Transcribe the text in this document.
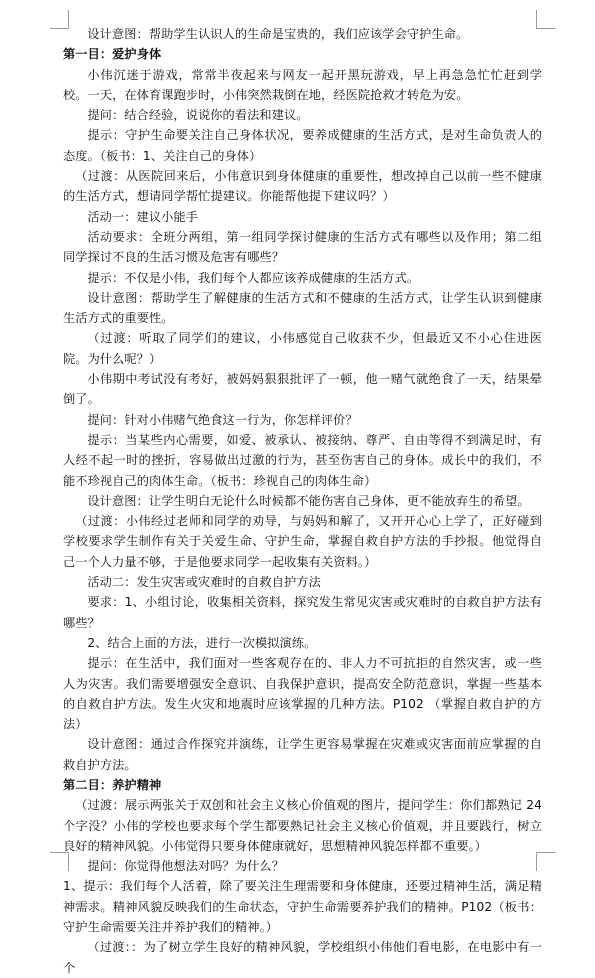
设计意图：帮助学生认识人的生命是宝贵的，我们应该学会守护生命。

第一目：爱护身体

小伟沉迷于游戏，常常半夜起来与网友一起开黑玩游戏，早上再急急忙忙赶到学校。一天，在体育课跑步时，小伟突然栽倒在地，经医院抢救才转危为安。

提问：结合经验，说说你的看法和建议。

提示：守护生命要关注自己身体状况，要养成健康的生活方式，是对生命负责人的态度。（板书：1、关注自己的身体）

（过渡：从医院回来后，小伟意识到身体健康的重要性，想改掉自己以前一些不健康的生活方式，想请同学帮忙提建议。你能帮他提下建议吗？）

活动一：建议小能手

活动要求：全班分两组，第一组同学探讨健康的生活方式有哪些以及作用；第二组同学探讨不良的生活习惯及危害有哪些？

提示：不仅是小伟，我们每个人都应该养成健康的生活方式。

设计意图：帮助学生了解健康的生活方式和不健康的生活方式，让学生认识到健康生活方式的重要性。

（过渡：听取了同学们的建议，小伟感觉自己收获不少，但最近又不小心住进医院。为什么呢？）

小伟期中考试没有考好，被妈妈狠狠批评了一顿，他一赌气就绝食了一天，结果晕倒了。

提问：针对小伟赌气绝食这一行为，你怎样评价？

提示：当某些内心需要，如爱、被承认、被接纳、尊严、自由等得不到满足时，有人经不起一时的挫折，容易做出过激的行为，甚至伤害自己的身体。成长中的我们，不能不珍视自己的肉体生命。（板书：珍视自己的肉体生命）

设计意图：让学生明白无论什么时候都不能伤害自己身体，更不能放弃生的希望。

（过渡：小伟经过老师和同学的劝导，与妈妈和解了，又开开心心上学了，正好碰到学校要求学生制作有关于关爱生命、守护生命，掌握自救自护方法的手抄报。他觉得自己一个人力量不够，于是他要求同学一起收集有关资料。）

活动二：发生灾害或灾难时的自救自护方法

要求：1、小组讨论，收集相关资料，探究发生常见灾害或灾难时的自救自护方法有哪些？

2、结合上面的方法，进行一次模拟演练。

提示：在生活中，我们面对一些客观存在的、非人力不可抗拒的自然灾害，或一些人为灾害。我们需要增强安全意识、自我保护意识，提高安全防范意识，掌握一些基本的自救自护方法。发生火灾和地震时应该掌握的几种方法。P102 （掌握自救自护的方法）

设计意图：通过合作探究并演练，让学生更容易掌握在灾难或灾害面前应掌握的自救自护方法。

第二目：养护精神

（过渡：展示两张关于双创和社会主义核心价值观的图片，提问学生：你们都熟记 24 个字没？小伟的学校也要求每个学生都要熟记社会主义核心价值观，并且要践行，树立良好的精神风貌。小伟觉得只要身体健康就好，思想精神风貌怎样都不重要。）

提问：你觉得他想法对吗？为什么？

1、提示：我们每个人活着，除了要关注生理需要和身体健康，还要过精神生活，满足精神需求。精神风貌反映我们的生命状态，守护生命需要养护我们的精神。P102（板书：守护生命需要关注并养护我们的精神。）

（过渡：：为了树立学生良好的精神风貌，学校组织小伟他们看电影，在电影中有一个
